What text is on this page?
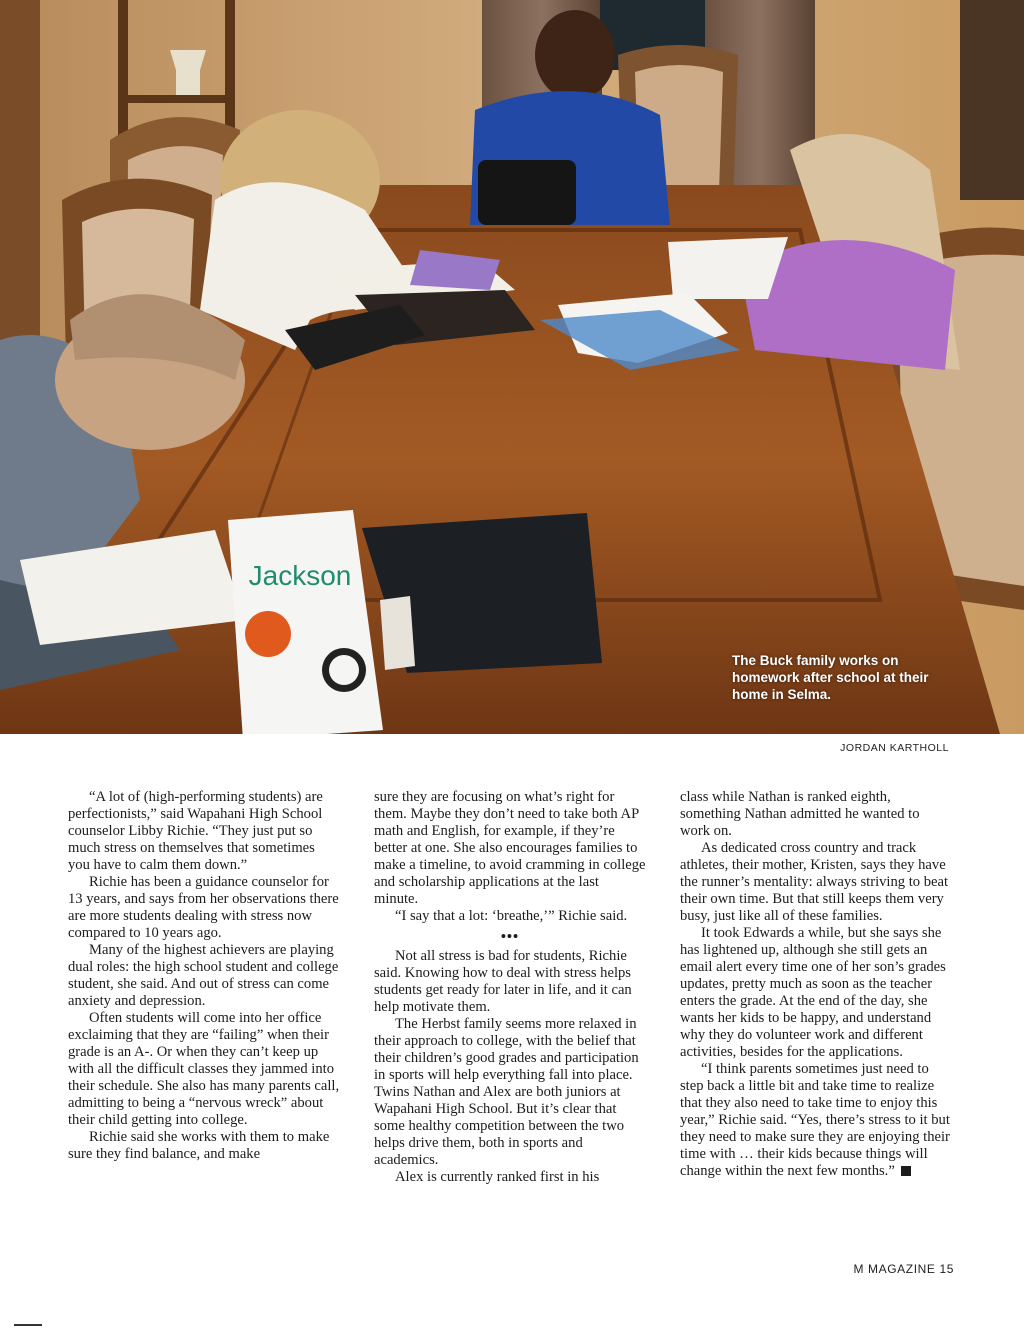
Jackson
The Buck family works on homework after school at their home in Selma.
JORDAN KARTHOLL

“A lot of (high-performing students) are perfectionists,” said Wapahani High School counselor Libby Richie. “They just put so much stress on themselves that sometimes you have to calm them down.”

Richie has been a guidance counselor for 13 years, and says from her observations there are more students dealing with stress now compared to 10 years ago.

Many of the highest achievers are playing dual roles: the high school student and college student, she said. And out of stress can come anxiety and depression.

Often students will come into her office exclaiming that they are “failing” when their grade is an A-. Or when they can’t keep up with all the difficult classes they jammed into their schedule. She also has many parents call, admitting to being a “nervous wreck” about their child getting into college.

Richie said she works with them to make sure they find balance, and make

sure they are focusing on what’s right for them. Maybe they don’t need to take both AP math and English, for example, if they’re better at one. She also encourages families to make a timeline, to avoid cramming in college and scholarship applications at the last minute.

“I say that a lot: ‘breathe,’” Richie said.

•••

Not all stress is bad for students, Richie said. Knowing how to deal with stress helps students get ready for later in life, and it can help motivate them.

The Herbst family seems more relaxed in their approach to college, with the belief that their children’s good grades and participation in sports will help everything fall into place. Twins Nathan and Alex are both juniors at Wapahani High School. But it’s clear that some healthy competition between the two helps drive them, both in sports and academics.

Alex is currently ranked first in his

class while Nathan is ranked eighth, something Nathan admitted he wanted to work on.

As dedicated cross country and track athletes, their mother, Kristen, says they have the runner’s mentality: always striving to beat their own time. But that still keeps them very busy, just like all of these families.

It took Edwards a while, but she says she has lightened up, although she still gets an email alert every time one of her son’s grades updates, pretty much as soon as the teacher enters the grade. At the end of the day, she wants her kids to be happy, and understand why they do volunteer work and different activities, besides for the applications.

“I think parents sometimes just need to step back a little bit and take time to realize that they also need to take time to enjoy this year,” Richie said. “Yes, there’s stress to it but they need to make sure they are enjoying their time with … their kids because things will change within the next few months.”

M MAGAZINE 15
